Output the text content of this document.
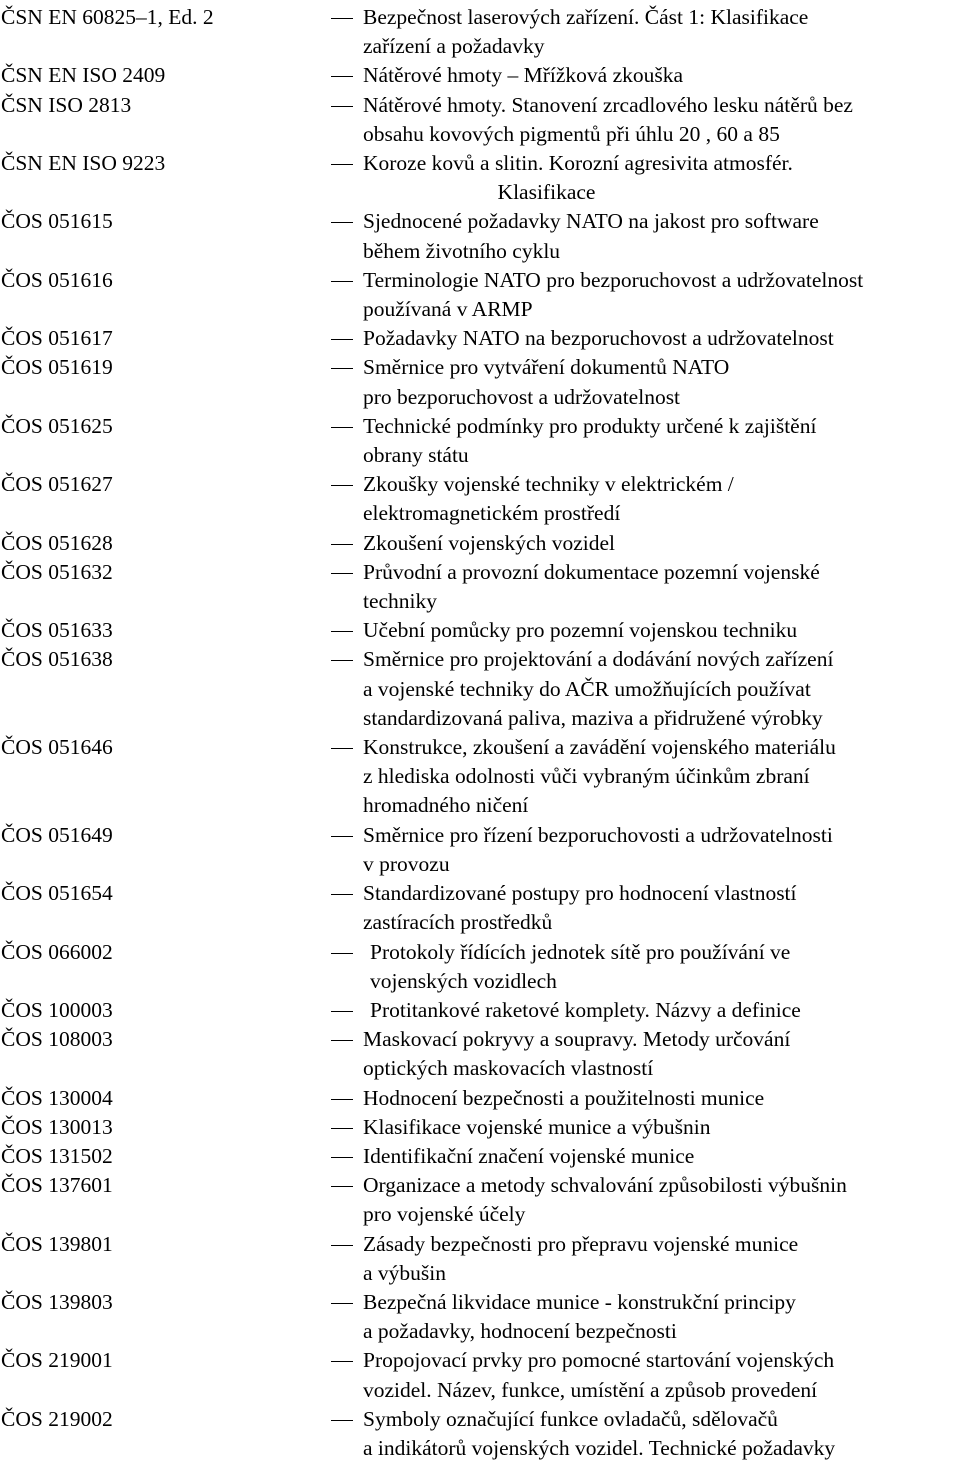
ČSN EN 60825–1, Ed. 2	Bezpečnost laserových zařízení. Část 1: Klasifikace
zařízení a požadavky
ČSN EN ISO 2409	Nátěrové hmoty – Mřížková zkouška
ČSN ISO 2813	Nátěrové hmoty. Stanovení zrcadlového lesku nátěrů bez
obsahu kovových pigmentů při úhlu 20 , 60 a 85
ČSN EN ISO 9223	Koroze kovů a slitin. Korozní agresivita atmosfér.
Klasifikace
ČOS 051615	Sjednocené požadavky NATO na jakost pro software
během životního cyklu
ČOS 051616	Terminologie NATO pro bezporuchovost a udržovatelnost
používaná v ARMP
ČOS 051617	Požadavky NATO na bezporuchovost a udržovatelnost
ČOS 051619	Směrnice pro vytváření dokumentů NATO
pro bezporuchovost a udržovatelnost
ČOS 051625	Technické podmínky pro produkty určené k zajištění
obrany státu
ČOS 051627	Zkoušky vojenské techniky v elektrickém /
elektromagnetickém prostředí
ČOS 051628	Zkoušení vojenských vozidel
ČOS 051632	Průvodní a provozní dokumentace pozemní vojenské
techniky
ČOS 051633	Učební pomůcky pro pozemní vojenskou techniku
ČOS 051638	Směrnice pro projektování a dodávání nových zařízení
a vojenské techniky do AČR umožňujících používat
standardizovaná paliva, maziva a přidružené výrobky
ČOS 051646	Konstrukce, zkoušení a zavádění vojenského materiálu
z hlediska odolnosti vůči vybraným účinkům zbraní
hromadného ničení
ČOS 051649	Směrnice pro řízení bezporuchovosti a udržovatelnosti
v provozu
ČOS 051654	Standardizované postupy pro hodnocení vlastností
zastíracích prostředků
ČOS 066002	Protokoly řídících jednotek sítě pro používání ve
vojenských vozidlech
ČOS 100003	Protitankové raketové komplety. Názvy a definice
ČOS 108003	Maskovací pokryvy a soupravy. Metody určování
optických maskovacích vlastností
ČOS 130004	Hodnocení bezpečnosti a použitelnosti munice
ČOS 130013	Klasifikace vojenské munice a výbušnin
ČOS 131502	Identifikační značení vojenské munice
ČOS 137601	Organizace a metody schvalování způsobilosti výbušnin
pro vojenské účely
ČOS 139801	Zásady bezpečnosti pro přepravu vojenské munice
a výbušin
ČOS 139803	Bezpečná likvidace munice - konstrukční principy
a požadavky, hodnocení bezpečnosti
ČOS 219001	Propojovací prvky pro pomocné startování vojenských
vozidel. Název, funkce, umístění a způsob provedení
ČOS 219002	Symboly označující funkce ovladačů, sdělovačů
a indikátorů vojenských vozidel. Technické požadavky
